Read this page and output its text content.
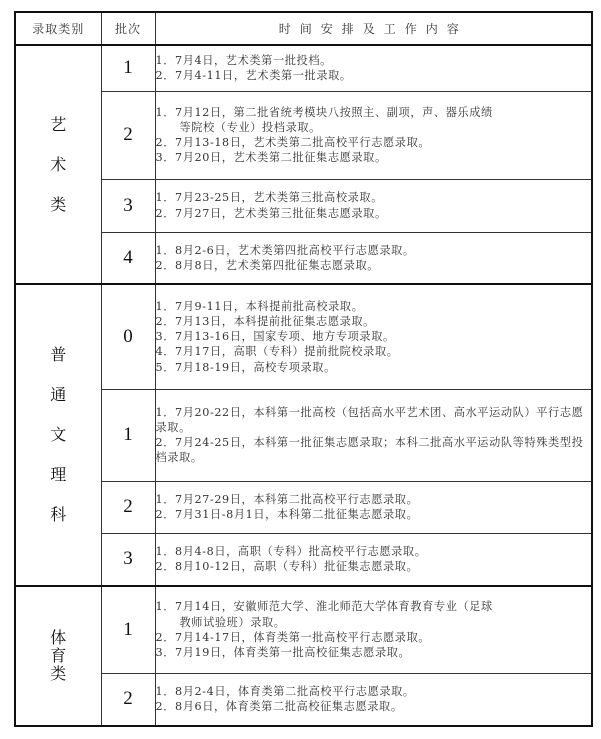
录取类别	批次	时间安排及工作内容
艺术类	1	1．7月4日，艺术类第一批投档。
2．7月4-11日，艺术类第一批录取。

	2	1．7月12日，第二批省统考模块八按照主、副项，声、器乐成绩
等院校（专业）投档录取。
2．7月13-18日，艺术类第二批高校平行志愿录取。
3．7月20日，艺术类第二批征集志愿录取。

	3	1．7月23-25日，艺术类第三批高校录取。
2．7月27日，艺术类第三批征集志愿录取。

	4	1．8月2-6日，艺术类第四批高校平行志愿录取。
2．8月8日，艺术类第四批征集志愿录取。

普通文理科	0	1．7月9-11日，本科提前批高校录取。
2．7月13日，本科提前批征集志愿录取。
3．7月13-16日，国家专项、地方专项录取。
4．7月17日，高职（专科）提前批院校录取。
5．7月18-19日，高校专项录取。

	1	1．7月20-22日，本科第一批高校（包括高水平艺术团、高水平运动队）平行志愿录取。
2．7月24-25日，本科第一批征集志愿录取；本科二批高水平运动队等特殊类型投档录取。

	2	1．7月27-29日，本科第二批高校平行志愿录取。
2．7月31日-8月1日，本科第二批征集志愿录取。

	3	1．8月4-8日，高职（专科）批高校平行志愿录取。
2．8月10-12日，高职（专科）批征集志愿录取。

体育类	1	1．7月14日，安徽师范大学、淮北师范大学体育教育专业（足球
教师试验班）录取。
2．7月14-17日，体育类第一批高校平行志愿录取。
3．7月19日，体育类第一批高校征集志愿录取。

	2	1．8月2-4日，体育类第二批高校平行志愿录取。
2．8月6日，体育类第二批高校征集志愿录取。
